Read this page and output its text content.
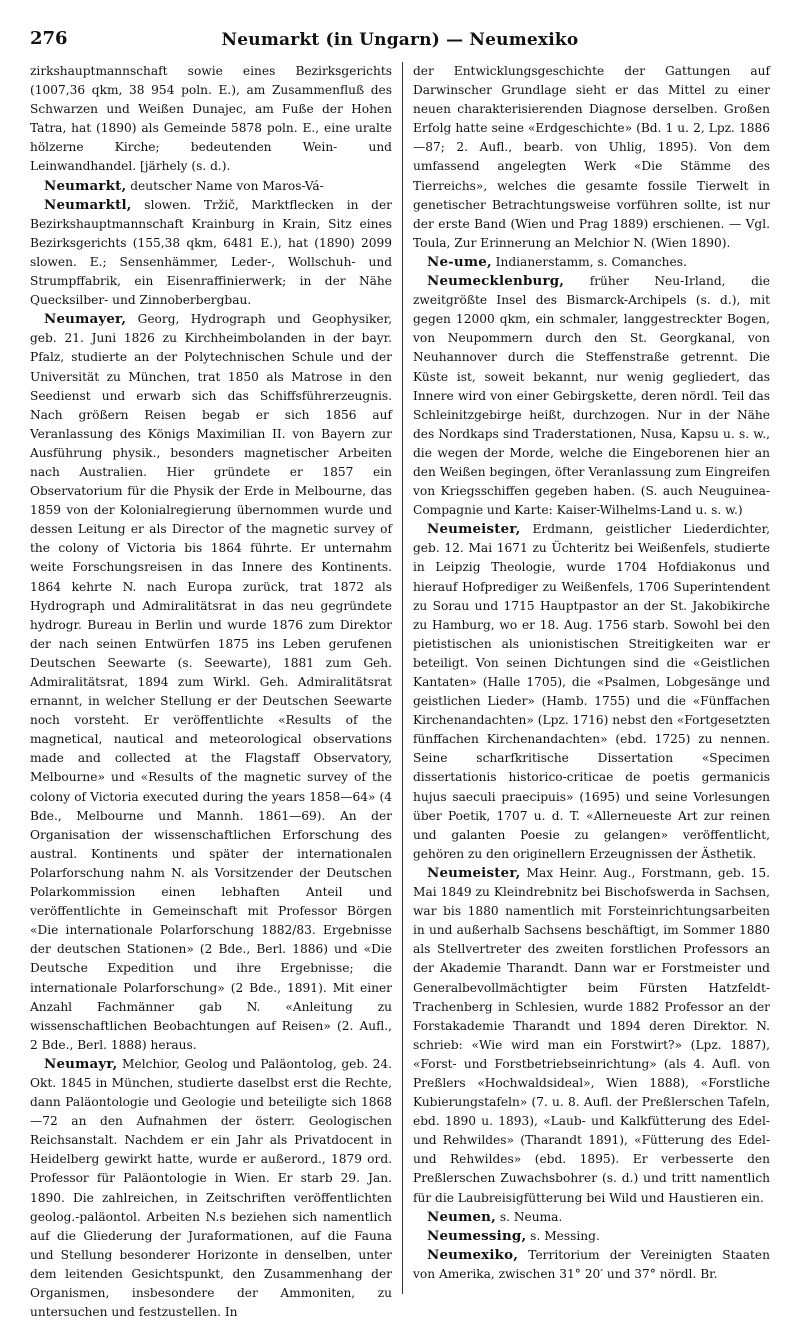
276	Neumarkt (in Ungarn) — Neumexiko

zirkshauptmannschaft sowie eines Bezirksgerichts (1007,36 qkm, 38 954 poln. E.), am Zusammenfluß des Schwarzen und Weißen Dunajec, am Fuße der Hohen Tatra, hat (1890) als Gemeinde 5878 poln. E., eine uralte hölzerne Kirche; bedeutenden Wein- und Leinwandhandel. [järhely (s. d.).

Neumarkt, deutscher Name von Maros-Vá-

Neumarktl, slowen. Tržič, Marktflecken in der Bezirkshauptmannschaft Krainburg in Krain, Sitz eines Bezirksgerichts (155,38 qkm, 6481 E.), hat (1890) 2099 slowen. E.; Sensenhämmer, Leder-, Wollschuh- und Strumpffabrik, ein Eisenraffinierwerk; in der Nähe Quecksilber- und Zinnoberbergbau.

Neumayer, Georg, Hydrograph und Geophysiker, geb. 21. Juni 1826 zu Kirchheimbolanden in der bayr. Pfalz, studierte an der Polytechnischen Schule und der Universität zu München, trat 1850 als Matrose in den Seedienst und erwarb sich das Schiffsführerzeugnis. Nach größern Reisen begab er sich 1856 auf Veranlassung des Königs Maximilian II. von Bayern zur Ausführung physik., besonders magnetischer Arbeiten nach Australien. Hier gründete er 1857 ein Observatorium für die Physik der Erde in Melbourne, das 1859 von der Kolonialregierung übernommen wurde und dessen Leitung er als Director of the magnetic survey of the colony of Victoria bis 1864 führte. Er unternahm weite Forschungsreisen in das Innere des Kontinents. 1864 kehrte N. nach Europa zurück, trat 1872 als Hydrograph und Admiralitätsrat in das neu gegründete hydrogr. Bureau in Berlin und wurde 1876 zum Direktor der nach seinen Entwürfen 1875 ins Leben gerufenen Deutschen Seewarte (s. Seewarte), 1881 zum Geh. Admiralitätsrat, 1894 zum Wirkl. Geh. Admiralitätsrat ernannt, in welcher Stellung er der Deutschen Seewarte noch vorsteht. Er veröffentlichte «Results of the magnetical, nautical and meteorological observations made and collected at the Flagstaff Observatory, Melbourne» und «Results of the magnetic survey of the colony of Victoria executed during the years 1858—64» (4 Bde., Melbourne und Mannh. 1861—69). An der Organisation der wissenschaftlichen Erforschung des austral. Kontinents und später der internationalen Polarforschung nahm N. als Vorsitzender der Deutschen Polarkommission einen lebhaften Anteil und veröffentlichte in Gemeinschaft mit Professor Börgen «Die internationale Polarforschung 1882/83. Ergebnisse der deutschen Stationen» (2 Bde., Berl. 1886) und «Die Deutsche Expedition und ihre Ergebnisse; die internationale Polarforschung» (2 Bde., 1891). Mit einer Anzahl Fachmänner gab N. «Anleitung zu wissenschaftlichen Beobachtungen auf Reisen» (2. Aufl., 2 Bde., Berl. 1888) heraus.

Neumayr, Melchior, Geolog und Paläontolog, geb. 24. Okt. 1845 in München, studierte daselbst erst die Rechte, dann Paläontologie und Geologie und beteiligte sich 1868—72 an den Aufnahmen der österr. Geologischen Reichsanstalt. Nachdem er ein Jahr als Privatdocent in Heidelberg gewirkt hatte, wurde er außerord., 1879 ord. Professor für Paläontologie in Wien. Er starb 29. Jan. 1890. Die zahlreichen, in Zeitschriften veröffentlichten geolog.-paläontol. Arbeiten N.s beziehen sich namentlich auf die Gliederung der Juraformationen, auf die Fauna und Stellung besonderer Horizonte in denselben, unter dem leitenden Gesichtspunkt, den Zusammenhang der Organismen, insbesondere der Ammoniten, zu untersuchen und festzustellen. In

der Entwicklungsgeschichte der Gattungen auf Darwinscher Grundlage sieht er das Mittel zu einer neuen charakterisierenden Diagnose derselben. Großen Erfolg hatte seine «Erdgeschichte» (Bd. 1 u. 2, Lpz. 1886—87; 2. Aufl., bearb. von Uhlig, 1895). Von dem umfassend angelegten Werk «Die Stämme des Tierreichs», welches die gesamte fossile Tierwelt in genetischer Betrachtungsweise vorführen sollte, ist nur der erste Band (Wien und Prag 1889) erschienen. — Vgl. Toula, Zur Erinnerung an Melchior N. (Wien 1890).

Ne-ume, Indianerstamm, s. Comanches.

Neumecklenburg, früher Neu-Irland, die zweitgrößte Insel des Bismarck-Archipels (s. d.), mit gegen 12000 qkm, ein schmaler, langgestreckter Bogen, von Neupommern durch den St. Georgkanal, von Neuhannover durch die Steffenstraße getrennt. Die Küste ist, soweit bekannt, nur wenig gegliedert, das Innere wird von einer Gebirgskette, deren nördl. Teil das Schleinitzgebirge heißt, durchzogen. Nur in der Nähe des Nordkaps sind Traderstationen, Nusa, Kapsu u. s. w., die wegen der Morde, welche die Eingeborenen hier an den Weißen begingen, öfter Veranlassung zum Eingreifen von Kriegsschiffen gegeben haben. (S. auch Neuguinea-Compagnie und Karte: Kaiser-Wilhelms-Land u. s. w.)

Neumeister, Erdmann, geistlicher Liederdichter, geb. 12. Mai 1671 zu Üchteritz bei Weißenfels, studierte in Leipzig Theologie, wurde 1704 Hofdiakonus und hierauf Hofprediger zu Weißenfels, 1706 Superintendent zu Sorau und 1715 Hauptpastor an der St. Jakobikirche zu Hamburg, wo er 18. Aug. 1756 starb. Sowohl bei den pietistischen als unionistischen Streitigkeiten war er beteiligt. Von seinen Dichtungen sind die «Geistlichen Kantaten» (Halle 1705), die «Psalmen, Lobgesänge und geistlichen Lieder» (Hamb. 1755) und die «Fünffachen Kirchenandachten» (Lpz. 1716) nebst den «Fortgesetzten fünffachen Kirchenandachten» (ebd. 1725) zu nennen. Seine scharfkritische Dissertation «Specimen dissertationis historico-criticae de poetis germanicis hujus saeculi praecipuis» (1695) und seine Vorlesungen über Poetik, 1707 u. d. T. «Allerneueste Art zur reinen und galanten Poesie zu gelangen» veröffentlicht, gehören zu den originellern Erzeugnissen der Ästhetik.

Neumeister, Max Heinr. Aug., Forstmann, geb. 15. Mai 1849 zu Kleindrebnitz bei Bischofswerda in Sachsen, war bis 1880 namentlich mit Forsteinrichtungsarbeiten in und außerhalb Sachsens beschäftigt, im Sommer 1880 als Stellvertreter des zweiten forstlichen Professors an der Akademie Tharandt. Dann war er Forstmeister und Generalbevollmächtigter beim Fürsten Hatzfeldt-Trachenberg in Schlesien, wurde 1882 Professor an der Forstakademie Tharandt und 1894 deren Direktor. N. schrieb: «Wie wird man ein Forstwirt?» (Lpz. 1887), «Forst- und Forstbetriebseinrichtung» (als 4. Aufl. von Preßlers «Hochwaldsideal», Wien 1888), «Forstliche Kubierungstafeln» (7. u. 8. Aufl. der Preßlerschen Tafeln, ebd. 1890 u. 1893), «Laub- und Kalkfütterung des Edel- und Rehwildes» (Tharandt 1891), «Fütterung des Edel- und Rehwildes» (ebd. 1895). Er verbesserte den Preßlerschen Zuwachsbohrer (s. d.) und tritt namentlich für die Laubreisigfütterung bei Wild und Haustieren ein.

Neumen, s. Neuma.

Neumessing, s. Messing.

Neumexiko, Territorium der Vereinigten Staaten von Amerika, zwischen 31° 20′ und 37° nördl. Br.
